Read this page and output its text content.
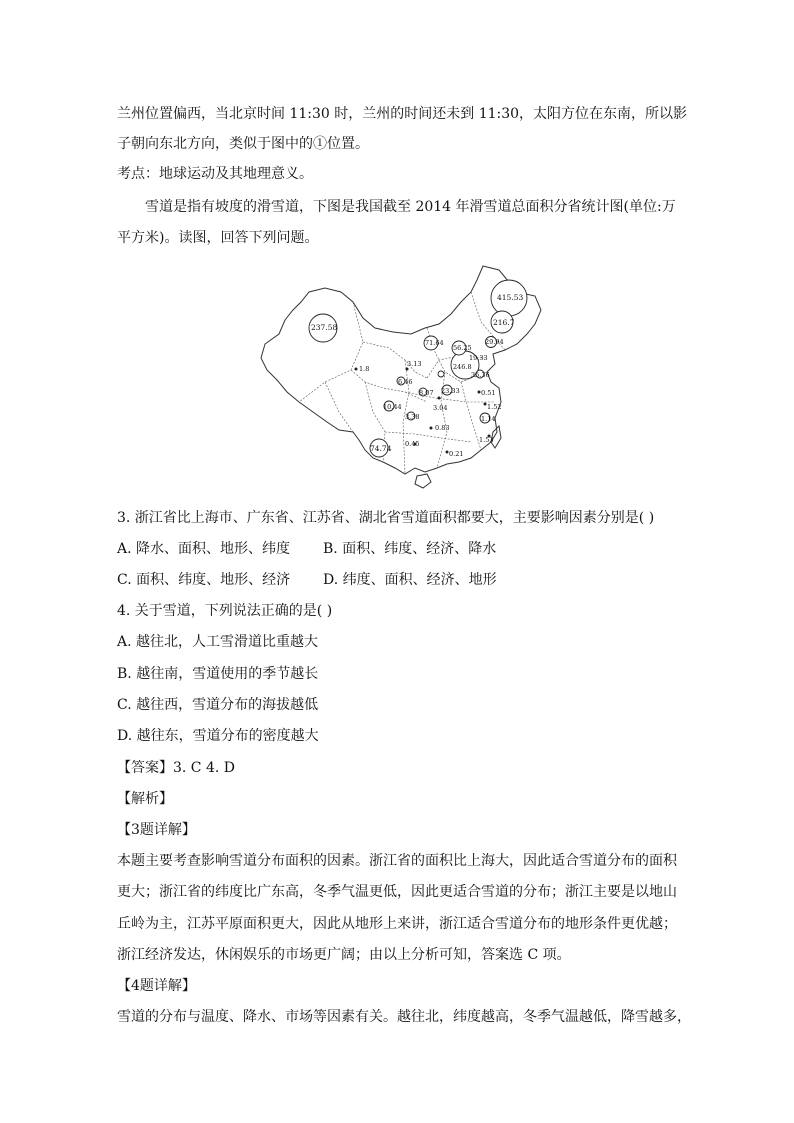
兰州位置偏西，当北京时间 11:30 时，兰州的时间还未到 11:30，太阳方位在东南，所以影
子朝向东北方向，类似于图中的①位置。
考点：地球运动及其地理意义。
雪道是指有坡度的滑雪道，下图是我国截至 2014 年滑雪道总面积分省统计图(单位:万
平方米)。读图，回答下列问题。
415.53
237.58
216.7
71.64
56.25
29.94
19.33
1.8
3.13
6.46
246.8
35.36
8.07 23.33	0.51
1.52
10.44	3.04
3.38	1.14
0.83
74.74 0.45	1.53
0.21
3. 浙江省比上海市、广东省、江苏省、湖北省雪道面积都要大，主要影响因素分别是( )
A. 降水、面积、地形、纬度 B. 面积、纬度、经济、降水
C. 面积、纬度、地形、经济 D. 纬度、面积、经济、地形
4. 关于雪道，下列说法正确的是( )
A. 越往北，人工雪滑道比重越大
B. 越往南，雪道使用的季节越长
C. 越往西，雪道分布的海拔越低
D. 越往东，雪道分布的密度越大
【答案】3. C 4. D
【解析】
【3题详解】
本题主要考查影响雪道分布面积的因素。浙江省的面积比上海大，因此适合雪道分布的面积
更大；浙江省的纬度比广东高，冬季气温更低，因此更适合雪道的分布；浙江主要是以地山
丘岭为主，江苏平原面积更大，因此从地形上来讲，浙江适合雪道分布的地形条件更优越；
浙江经济发达，休闲娱乐的市场更广阔；由以上分析可知，答案选 C 项。
【4题详解】
雪道的分布与温度、降水、市场等因素有关。越往北，纬度越高，冬季气温越低，降雪越多，
